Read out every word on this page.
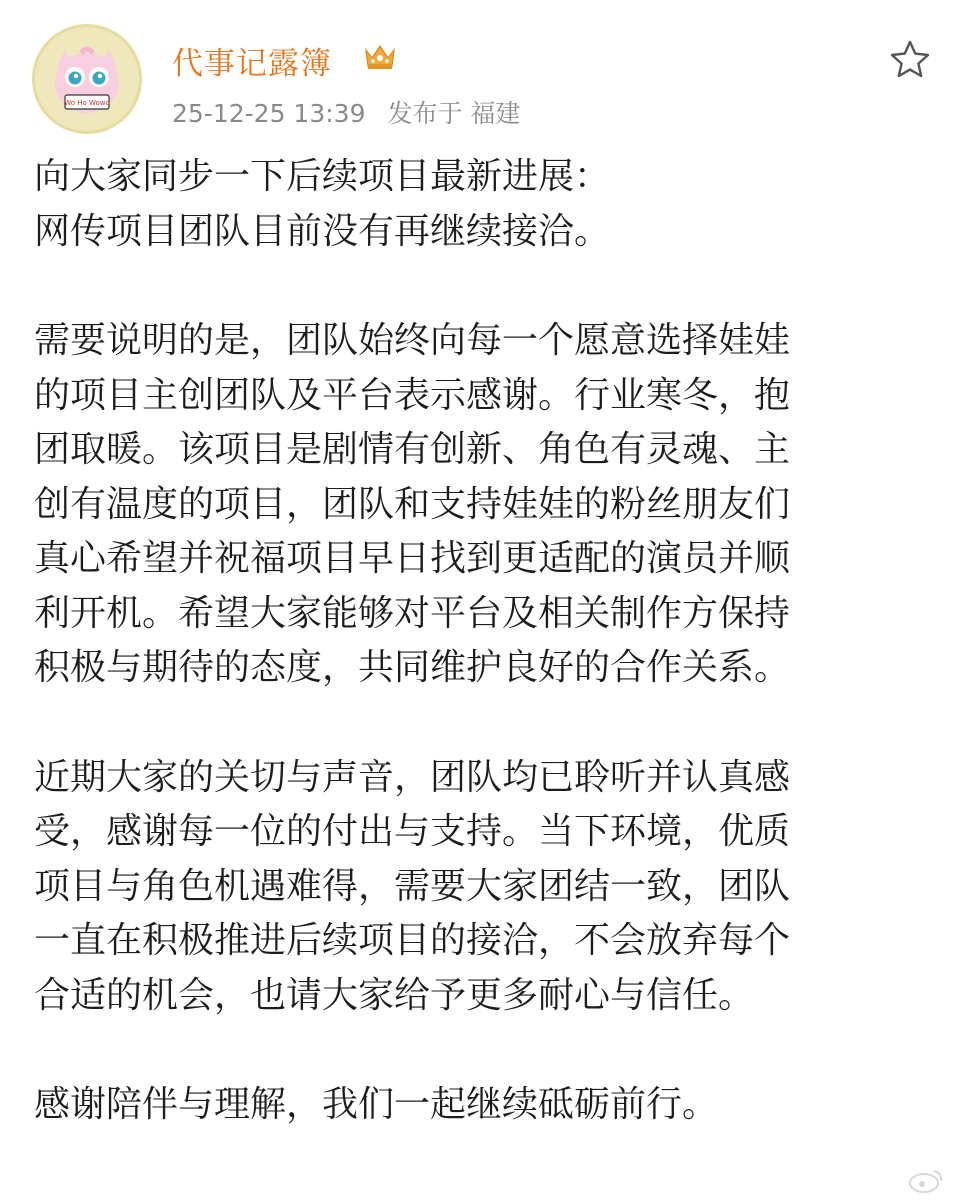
Wo Ho Wowo
代事记露簿
25-12-25 13:39 发布于 福建
向大家同步一下后续项目最新进展：
网传项目团队目前没有再继续接洽。
需要说明的是，团队始终向每一个愿意选择娃娃
的项目主创团队及平台表示感谢。行业寒冬，抱
团取暖。该项目是剧情有创新、角色有灵魂、主
创有温度的项目，团队和支持娃娃的粉丝朋友们
真心希望并祝福项目早日找到更适配的演员并顺
利开机。希望大家能够对平台及相关制作方保持
积极与期待的态度，共同维护良好的合作关系。
近期大家的关切与声音，团队均已聆听并认真感
受，感谢每一位的付出与支持。当下环境，优质
项目与角色机遇难得，需要大家团结一致，团队
一直在积极推进后续项目的接洽，不会放弃每个
合适的机会，也请大家给予更多耐心与信任。
感谢陪伴与理解，我们一起继续砥砺前行。
